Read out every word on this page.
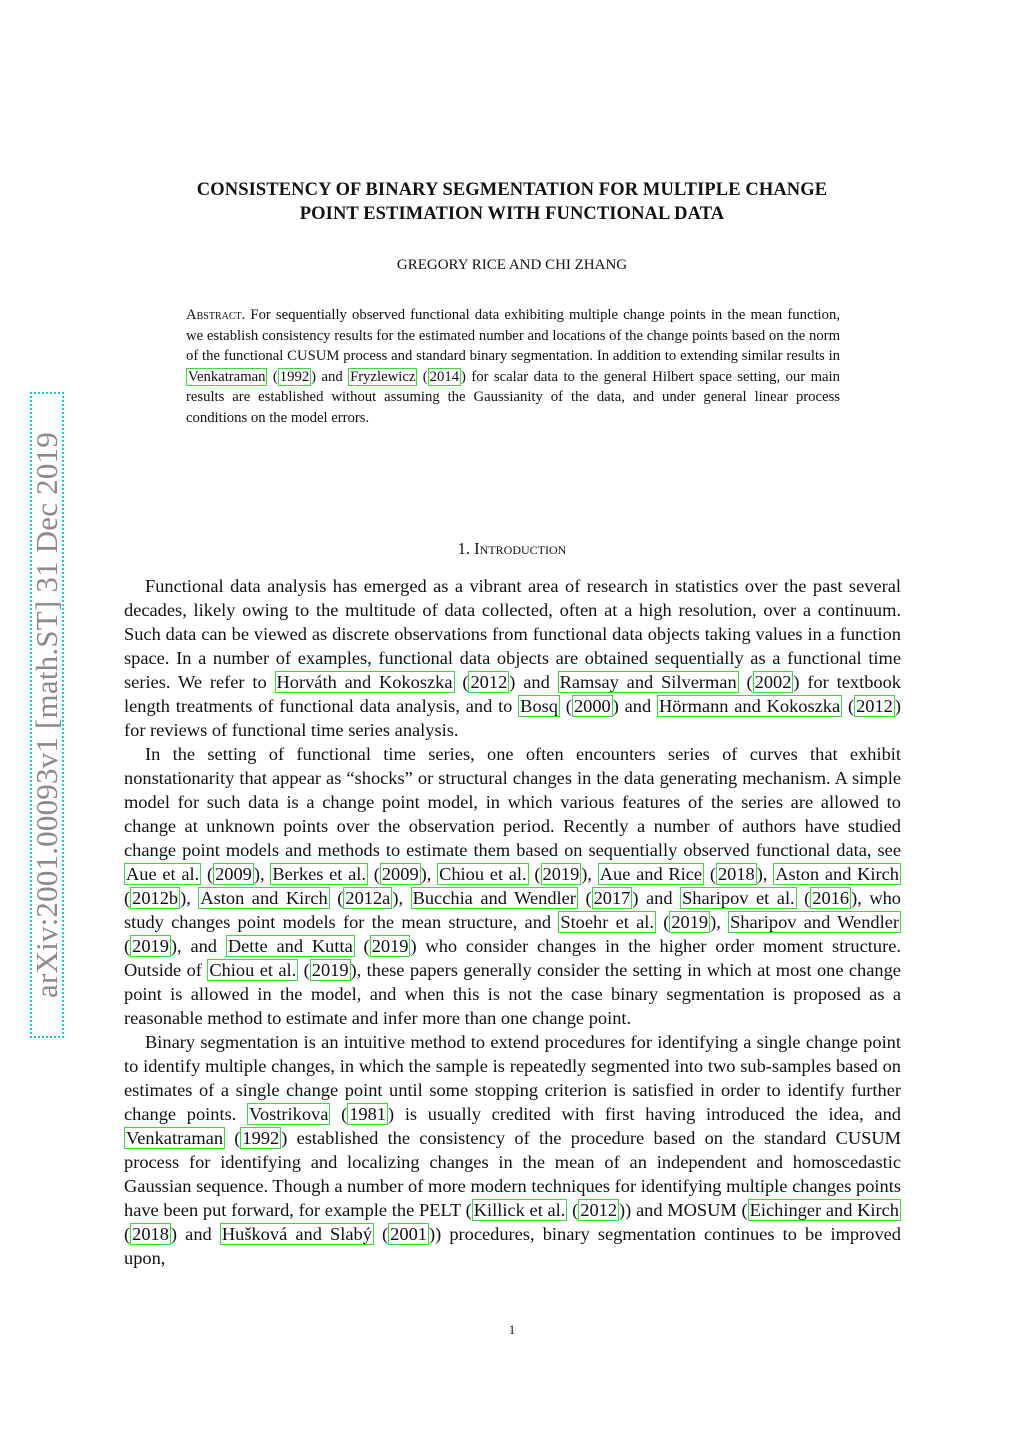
arXiv:2001.00093v1 [math.ST] 31 Dec 2019
CONSISTENCY OF BINARY SEGMENTATION FOR MULTIPLE CHANGE
POINT ESTIMATION WITH FUNCTIONAL DATA
GREGORY RICE AND CHI ZHANG
Abstract. For sequentially observed functional data exhibiting multiple change points in the mean function, we establish consistency results for the estimated number and locations of the change points based on the norm of the functional CUSUM process and standard binary segmentation. In addition to extending similar results in Venkatraman ( 1992 ) and Fryzlewicz ( 2014 ) for scalar data to the general Hilbert space setting, our main results are established without assuming the Gaussianity of the data, and under general linear process conditions on the model errors.
1. Introduction

Functional data analysis has emerged as a vibrant area of research in statistics over the past several decades, likely owing to the multitude of data collected, often at a high resolution, over a continuum. Such data can be viewed as discrete observations from functional data objects taking values in a function space. In a number of examples, functional data objects are obtained sequentially as a functional time series. We refer to Horváth and Kokoszka ( 2012 ) and Ramsay and Silverman ( 2002 ) for textbook length treatments of functional data analysis, and to Bosq ( 2000 ) and Hörmann and Kokoszka ( 2012 ) for reviews of functional time series analysis.

In the setting of functional time series, one often encounters series of curves that exhibit nonstationarity that appear as “shocks” or structural changes in the data generating mechanism. A simple model for such data is a change point model, in which various features of the series are allowed to change at unknown points over the observation period. Recently a number of authors have studied change point models and methods to estimate them based on sequentially observed functional data, see Aue et al. ( 2009 ), Berkes et al. ( 2009 ), Chiou et al. ( 2019 ), Aue and Rice ( 2018 ), Aston and Kirch ( 2012b ), Aston and Kirch ( 2012a ), Bucchia and Wendler ( 2017 ) and Sharipov et al. ( 2016 ), who study changes point models for the mean structure, and Stoehr et al. ( 2019 ), Sharipov and Wendler ( 2019 ), and Dette and Kutta ( 2019 ) who consider changes in the higher order moment structure. Outside of Chiou et al. ( 2019 ), these papers generally consider the setting in which at most one change point is allowed in the model, and when this is not the case binary segmentation is proposed as a reasonable method to estimate and infer more than one change point.

Binary segmentation is an intuitive method to extend procedures for identifying a single change point to identify multiple changes, in which the sample is repeatedly segmented into two sub-samples based on estimates of a single change point until some stopping criterion is satisfied in order to identify further change points. Vostrikova ( 1981 ) is usually credited with first having introduced the idea, and Venkatraman ( 1992 ) established the consistency of the procedure based on the standard CUSUM process for identifying and localizing changes in the mean of an independent and homoscedastic Gaussian sequence. Though a number of more modern techniques for identifying multiple changes points have been put forward, for example the PELT ( Killick et al. ( 2012 )) and MOSUM ( Eichinger and Kirch ( 2018 ) and Hušková and Slabý ( 2001 )) procedures, binary segmentation continues to be improved upon,

1
